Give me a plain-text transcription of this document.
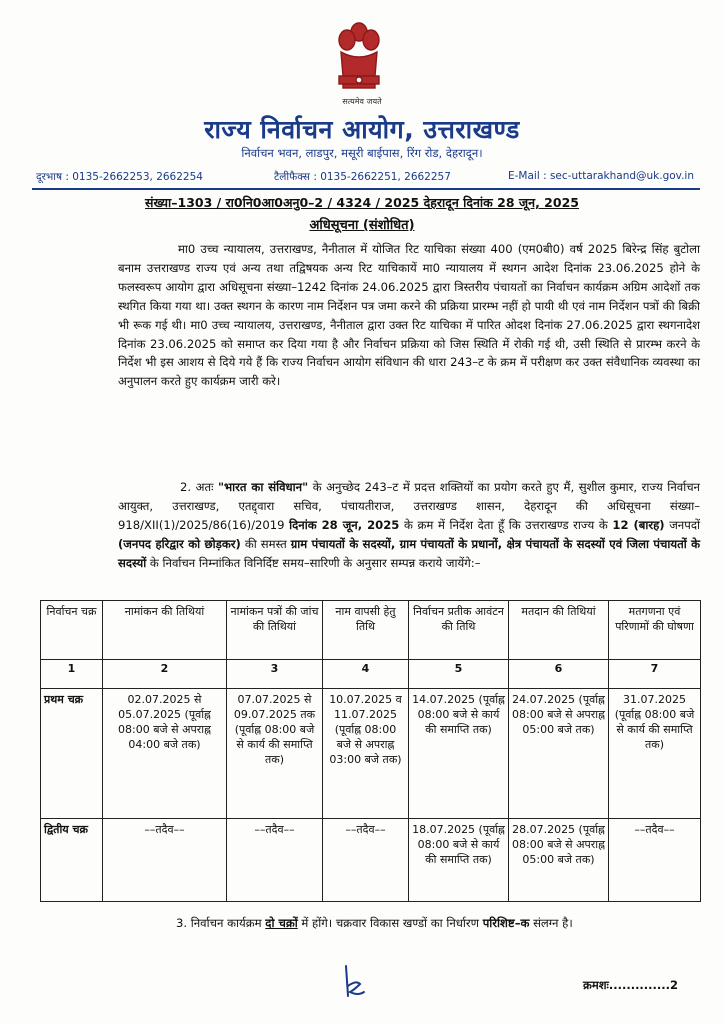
सत्यमेव जयते
राज्य निर्वाचन आयोग, उत्तराखण्ड
निर्वाचन भवन, लाडपुर, मसूरी बाईपास, रिंग रोड, देहरादून।
दूरभाष : 0135-2662253, 2662254	टैलीफैक्स : 0135-2662251, 2662257	E-Mail : sec-uttarakhand@uk.gov.in
संख्या–1303 / रा0नि0आ0अनु0–2 / 4324 / 2025 देहरादून दिनांक 28 जून, 2025
अधिसूचना (संशोधित)
मा0 उच्च न्यायालय, उत्तराखण्ड, नैनीताल में योजित रिट याचिका संख्या 400 (एम0बी0) वर्ष 2025 बिरेन्द्र सिंह बुटोला बनाम उत्तराखण्ड राज्य एवं अन्य तथा तद्विषयक अन्य रिट याचिकायें मा0 न्यायालय में स्थगन आदेश दिनांक 23.06.2025 होने के फलस्वरूप आयोग द्वारा अधिसूचना संख्या–1242 दिनांक 24.06.2025 द्वारा त्रिस्तरीय पंचायतों का निर्वाचन कार्यक्रम अग्रिम आदेशों तक स्थगित किया गया था। उक्त स्थगन के कारण नाम निर्देशन पत्र जमा करने की प्रक्रिया प्रारम्भ नहीं हो पायी थी एवं नाम निर्देशन पत्रों की बिक्री भी रूक गई थी। मा0 उच्च न्यायालय, उत्तराखण्ड, नैनीताल द्वारा उक्त रिट याचिका में पारित ओदश दिनांक 27.06.2025 द्वारा स्थगनादेश दिनांक 23.06.2025 को समाप्त कर दिया गया है और निर्वाचन प्रक्रिया को जिस स्थिति में रोकी गई थी, उसी स्थिति से प्रारम्भ करने के निर्देश भी इस आशय से दिये गये हैं कि राज्य निर्वाचन आयोग संविधान की धारा 243–ट के क्रम में परीक्षण कर उक्त संवैधानिक व्यवस्था का अनुपालन करते हुए कार्यक्रम जारी करे।
2. अतः "भारत का संविधान" के अनुच्छेद 243–ट में प्रदत्त शक्तियों का प्रयोग करते हुए मैं, सुशील कुमार, राज्य निर्वाचन आयुक्त, उत्तराखण्ड, एतद्द्वारा सचिव, पंचायतीराज, उत्तराखण्ड शासन, देहरादून की अधिसूचना संख्या–918/XII(1)/2025/86(16)/2019 दिनांक 28 जून, 2025 के क्रम में निर्देश देता हूँ कि उत्तराखण्ड राज्य के 12 (बारह) जनपदों (जनपद हरिद्वार को छोड़कर) की समस्त ग्राम पंचायतों के सदस्यों, ग्राम पंचायतों के प्रधानों, क्षेत्र पंचायतों के सदस्यों एवं जिला पंचायतों के सदस्यों के निर्वाचन निम्नांकित विनिर्दिष्ट समय–सारिणी के अनुसार सम्पन्न कराये जायेंगे:–
निर्वाचन चक्र	नामांकन की तिथियां	नामांकन पत्रों की जांच की तिथियां	नाम वापसी हेतु तिथि	निर्वाचन प्रतीक आवंटन की तिथि	मतदान की तिथियां	मतगणना एवं परिणामों की घोषणा
1	2	3	4	5	6	7
प्रथम चक्र	02.07.2025 से 05.07.2025 (पूर्वाह्न 08:00 बजे से अपराह्न 04:00 बजे तक)	07.07.2025 से 09.07.2025 तक (पूर्वाह्न 08:00 बजे से कार्य की समाप्ति तक)	10.07.2025 व 11.07.2025 (पूर्वाह्न 08:00 बजे से अपराह्न 03:00 बजे तक)	14.07.2025 (पूर्वाह्न 08:00 बजे से कार्य की समाप्ति तक)	24.07.2025 (पूर्वाह्न 08:00 बजे से अपराह्न 05:00 बजे तक)	31.07.2025 (पूर्वाह्न 08:00 बजे से कार्य की समाप्ति तक)
द्वितीय चक्र	––तदैव––	––तदैव––	––तदैव––	18.07.2025 (पूर्वाह्न 08:00 बजे से कार्य की समाप्ति तक)	28.07.2025 (पूर्वाह्न 08:00 बजे से अपराह्न 05:00 बजे तक)	––तदैव––
3. निर्वाचन कार्यक्रम दो चक्रों में होंगे। चक्रवार विकास खण्डों का निर्धारण परिशिष्ट–क संलग्न है।
क्रमशः..............2
